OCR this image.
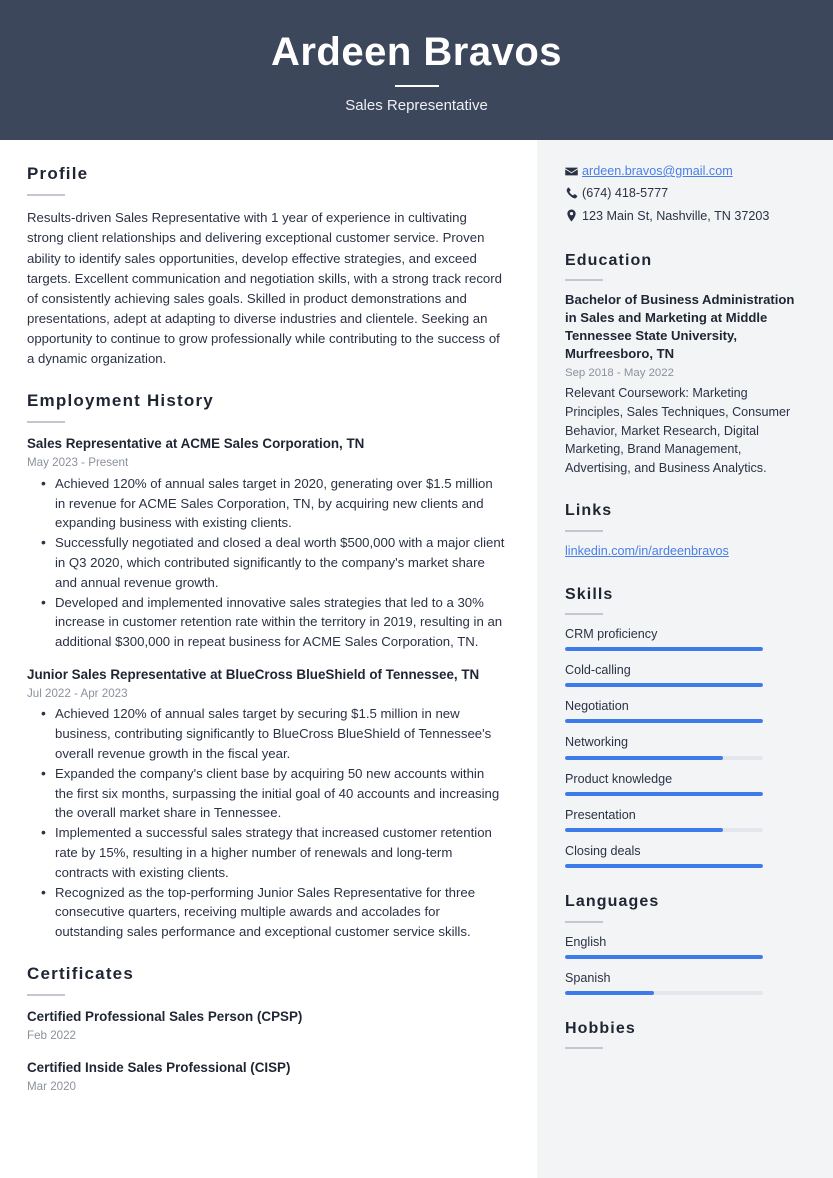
Ardeen Bravos
Sales Representative
Profile

Results-driven Sales Representative with 1 year of experience in cultivating strong client relationships and delivering exceptional customer service. Proven ability to identify sales opportunities, develop effective strategies, and exceed targets. Excellent communication and negotiation skills, with a strong track record of consistently achieving sales goals. Skilled in product demonstrations and presentations, adept at adapting to diverse industries and clientele. Seeking an opportunity to continue to grow professionally while contributing to the success of a dynamic organization.

Employment History
Sales Representative at ACME Sales Corporation, TN
May 2023 - Present
• Achieved 120% of annual sales target in 2020, generating over $1.5 million in revenue for ACME Sales Corporation, TN, by acquiring new clients and expanding business with existing clients.
• Successfully negotiated and closed a deal worth $500,000 with a major client in Q3 2020, which contributed significantly to the company's market share and annual revenue growth.
• Developed and implemented innovative sales strategies that led to a 30% increase in customer retention rate within the territory in 2019, resulting in an additional $300,000 in repeat business for ACME Sales Corporation, TN.
Junior Sales Representative at BlueCross BlueShield of Tennessee, TN
Jul 2022 - Apr 2023
• Achieved 120% of annual sales target by securing $1.5 million in new business, contributing significantly to BlueCross BlueShield of Tennessee's overall revenue growth in the fiscal year.
• Expanded the company's client base by acquiring 50 new accounts within the first six months, surpassing the initial goal of 40 accounts and increasing the overall market share in Tennessee.
• Implemented a successful sales strategy that increased customer retention rate by 15%, resulting in a higher number of renewals and long-term contracts with existing clients.
• Recognized as the top-performing Junior Sales Representative for three consecutive quarters, receiving multiple awards and accolades for outstanding sales performance and exceptional customer service skills.
Certificates
Certified Professional Sales Person (CPSP)
Feb 2022
Certified Inside Sales Professional (CISP)
Mar 2020
ardeen.bravos@gmail.com
(674) 418-5777
123 Main St, Nashville, TN 37203
Education
Bachelor of Business Administration in Sales and Marketing at Middle Tennessee State University, Murfreesboro, TN
Sep 2018 - May 2022
Relevant Coursework: Marketing Principles, Sales Techniques, Consumer Behavior, Market Research, Digital Marketing, Brand Management, Advertising, and Business Analytics.
Links
linkedin.com/in/ardeenbravos
Skills
CRM proficiency
Cold-calling
Negotiation
Networking
Product knowledge
Presentation
Closing deals
Languages
English
Spanish
Hobbies
